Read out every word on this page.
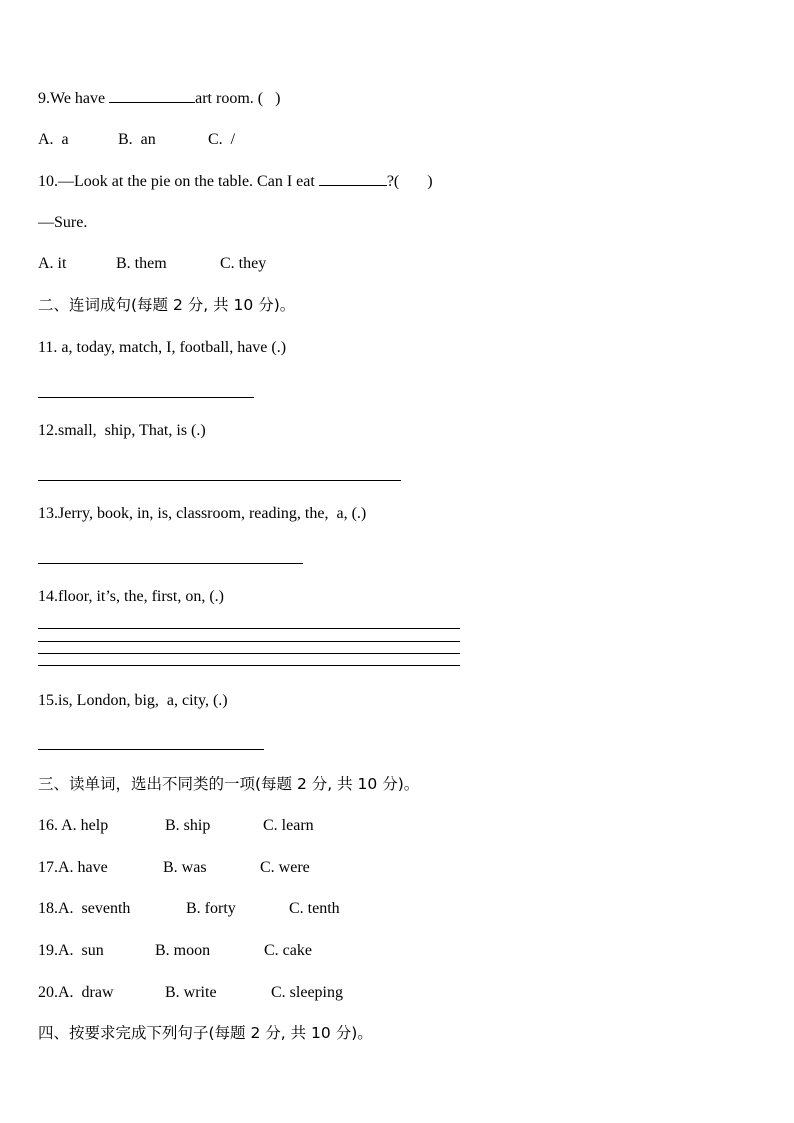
9.We have	art room. (   )
A.  a	B.  an	C.  /
10.—Look at the pie on the table. Can I eat	?(       )
—Sure.
A. it	B. them	C. they
二、连词成句(每题 2 分, 共 10 分)。
11. a, today, match, I, football, have (.)
12.small,  ship, That, is (.)
13.Jerry, book, in, is, classroom, reading, the,  a, (.)
14.floor, it’s, the, first, on, (.)
15.is, London, big,  a, city, (.)
三、读单词，选出不同类的一项(每题 2 分, 共 10 分)。
16. A. help	B. ship	C. learn
17.A. have	B. was	C. were
18.A.  seventh	B. forty	C. tenth
19.A.  sun	B. moon	C. cake
20.A.  draw	B. write	C. sleeping
四、按要求完成下列句子(每题 2 分, 共 10 分)。
